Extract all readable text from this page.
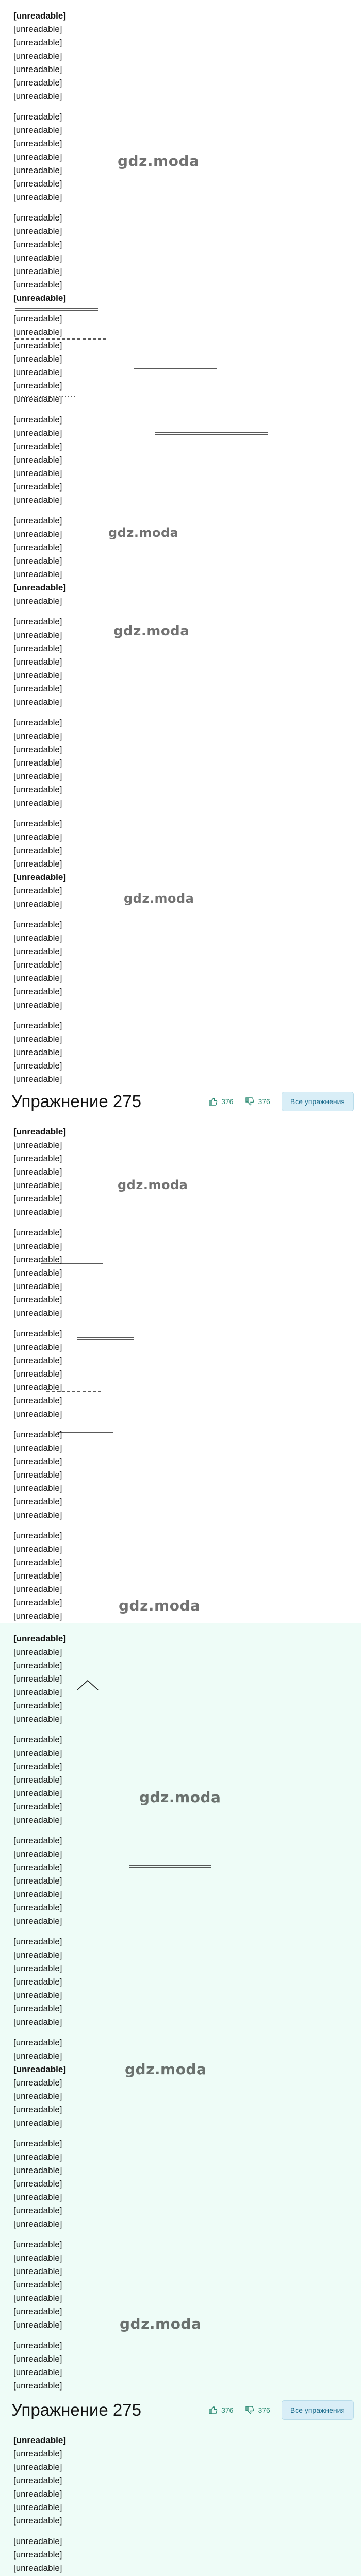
[unreadable]
[unreadable]
[unreadable]
[unreadable]
[unreadable]
[unreadable]
[unreadable]
[unreadable]
[unreadable]
[unreadable]
[unreadable]
[unreadable]
[unreadable]
[unreadable]
[unreadable]
[unreadable]
[unreadable]
[unreadable]
[unreadable]
[unreadable]
[unreadable]
[unreadable]
[unreadable]
[unreadable]
[unreadable]
[unreadable]
[unreadable]
[unreadable]
[unreadable]
[unreadable]
[unreadable]
[unreadable]
[unreadable]
[unreadable]
[unreadable]
[unreadable]
[unreadable]
[unreadable]
[unreadable]
[unreadable]
[unreadable]
[unreadable]
[unreadable]
[unreadable]
[unreadable]
[unreadable]
[unreadable]
[unreadable]
[unreadable]
[unreadable]
[unreadable]
[unreadable]
[unreadable]
[unreadable]
[unreadable]
[unreadable]
[unreadable]
[unreadable]
[unreadable]
[unreadable]
[unreadable]
[unreadable]
[unreadable]
[unreadable]
[unreadable]
[unreadable]
[unreadable]
[unreadable]
[unreadable]
[unreadable]
[unreadable]
[unreadable]
[unreadable]
[unreadable]
[unreadable]
Упражнение 275	376	376	Все упражнения
[unreadable]
[unreadable]
[unreadable]
[unreadable]
[unreadable]
[unreadable]
[unreadable]
[unreadable]
[unreadable]
[unreadable]
[unreadable]
[unreadable]
[unreadable]
[unreadable]
[unreadable]
[unreadable]
[unreadable]
[unreadable]
[unreadable]
[unreadable]
[unreadable]
[unreadable]
[unreadable]
[unreadable]
[unreadable]
[unreadable]
[unreadable]
[unreadable]
[unreadable]
[unreadable]
[unreadable]
[unreadable]
[unreadable]
[unreadable]
[unreadable]
[unreadable]
[unreadable]
[unreadable]
[unreadable]
[unreadable]
[unreadable]
[unreadable]
[unreadable]
[unreadable]
[unreadable]
[unreadable]
[unreadable]
[unreadable]
[unreadable]
[unreadable]
[unreadable]
[unreadable]
[unreadable]
[unreadable]
[unreadable]
[unreadable]
[unreadable]
[unreadable]
[unreadable]
[unreadable]
[unreadable]
[unreadable]
[unreadable]
[unreadable]
[unreadable]
[unreadable]
[unreadable]
[unreadable]
[unreadable]
[unreadable]
[unreadable]
[unreadable]
[unreadable]
[unreadable]
[unreadable]
[unreadable]
[unreadable]
[unreadable]
[unreadable]
[unreadable]
[unreadable]
[unreadable]
[unreadable]
[unreadable]
[unreadable]
[unreadable]
[unreadable]
[unreadable]
Упражнение 275	376	376	Все упражнения
[unreadable]
[unreadable]
[unreadable]
[unreadable]
[unreadable]
[unreadable]
[unreadable]
[unreadable]
[unreadable]
[unreadable]
gdz.moda
gdz.moda
gdz.moda
gdz.moda
gdz.moda
gdz.moda
gdz.moda
gdz.moda
gdz.moda
